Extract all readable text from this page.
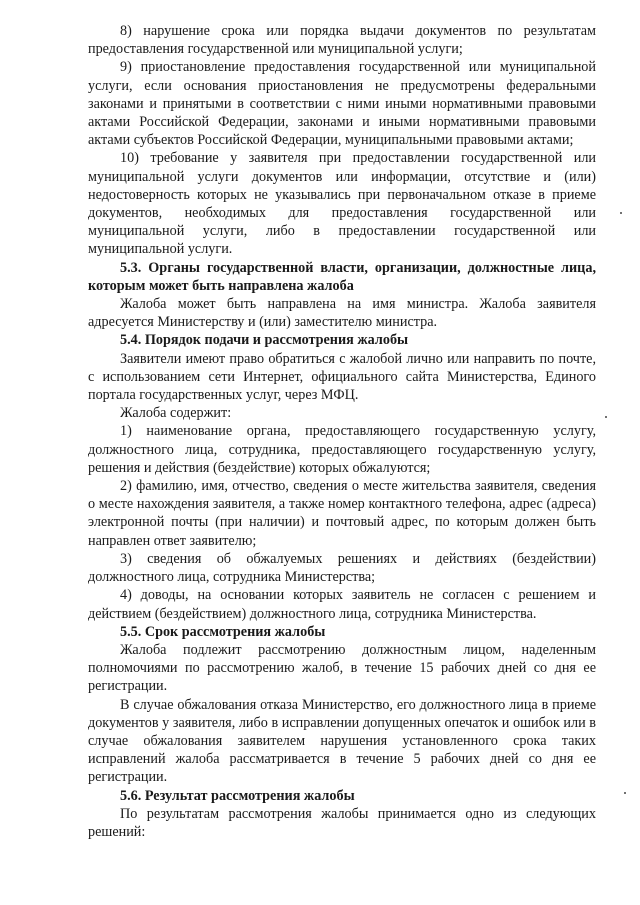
8) нарушение срока или порядка выдачи документов по результатам предоставления государственной или муниципальной услуги;

9) приостановление предоставления государственной или муниципальной услуги, если основания приостановления не предусмотрены федеральными законами и принятыми в соответствии с ними иными нормативными правовыми актами Российской Федерации, законами и иными нормативными правовыми актами субъектов Российской Федерации, муниципальными правовыми актами;

10) требование у заявителя при предоставлении государственной или муниципальной услуги документов или информации, отсутствие и (или) недостоверность которых не указывались при первоначальном отказе в приеме документов, необходимых для предоставления государственной или муниципальной услуги, либо в предоставлении государственной или муниципальной услуги.

5.3. Органы государственной власти, организации, должностные лица, которым может быть направлена жалоба

Жалоба может быть направлена на имя министра. Жалоба заявителя адресуется Министерству и (или) заместителю министра.

5.4. Порядок подачи и рассмотрения жалобы

Заявители имеют право обратиться с жалобой лично или направить по почте, с использованием сети Интернет, официального сайта Министерства, Единого портала государственных услуг, через МФЦ.

Жалоба содержит:

1) наименование органа, предоставляющего государственную услугу, должностного лица, сотрудника, предоставляющего государственную услугу, решения и действия (бездействие) которых обжалуются;

2) фамилию, имя, отчество, сведения о месте жительства заявителя, сведения о месте нахождения заявителя, а также номер контактного телефона, адрес (адреса) электронной почты (при наличии) и почтовый адрес, по которым должен быть направлен ответ заявителю;

3) сведения об обжалуемых решениях и действиях (бездействии) должностного лица, сотрудника Министерства;

4) доводы, на основании которых заявитель не согласен с решением и действием (бездействием) должностного лица, сотрудника Министерства.

5.5. Срок рассмотрения жалобы

Жалоба подлежит рассмотрению должностным лицом, наделенным полномочиями по рассмотрению жалоб, в течение 15 рабочих дней со дня ее регистрации.

В случае обжалования отказа Министерство, его должностного лица в приеме документов у заявителя, либо в исправлении допущенных опечаток и ошибок или в случае обжалования заявителем нарушения установленного срока таких исправлений жалоба рассматривается в течение 5 рабочих дней со дня ее регистрации.

5.6. Результат рассмотрения жалобы

По результатам рассмотрения жалобы принимается одно из следующих решений:
